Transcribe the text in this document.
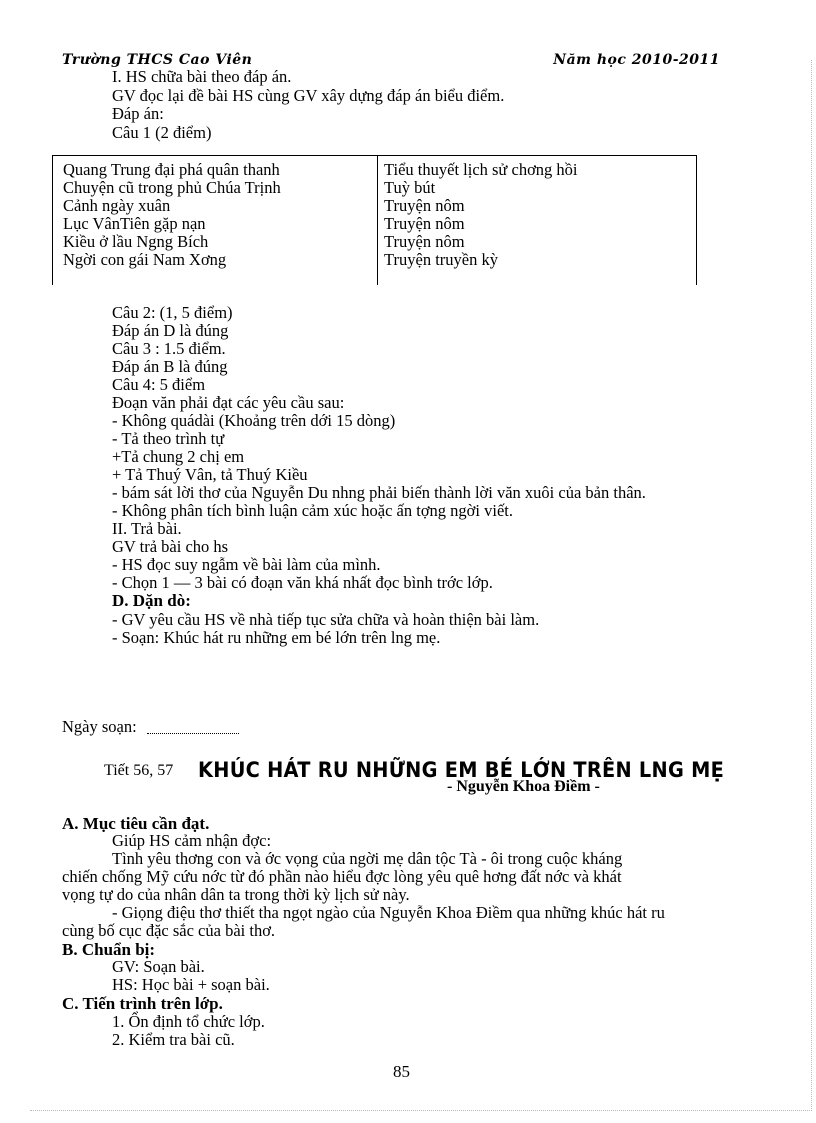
Trường THCS Cao Viên	Năm học 2010-2011
I. HS chữa bài theo đáp án.
GV đọc lại đề bài HS cùng GV xây dựng đáp án biểu điểm.
Đáp án:
Câu 1 (2 điểm)
Quang Trung đại phá quân thanh	Tiểu thuyết lịch sử chơng hồi
Chuyện cũ trong phủ Chúa Trịnh	Tuỳ bút
Cảnh ngày xuân	Truyện nôm
Lục VânTiên gặp nạn	Truyện nôm
Kiều ở lầu Ngng Bích	Truyện nôm
Ngời con gái Nam Xơng	Truyện truyền kỳ
Câu 2: (1, 5 điểm)
Đáp án D là đúng
Câu 3 : 1.5 điểm.
Đáp án B là đúng
Câu 4: 5 điểm
Đoạn văn phải đạt các yêu cầu sau:
- Không quádài (Khoảng trên dới 15 dòng)
- Tả theo trình tự
+Tả chung 2 chị em
+ Tả Thuý Vân, tả Thuý Kiều
- bám sát lời thơ của Nguyễn Du nhng phải biến thành lời văn xuôi của bản thân.
- Không phân tích bình luận cảm xúc hoặc ấn tợng ngời viết.
II. Trả bài.
GV trả bài cho hs
- HS đọc suy ngẫm về bài làm của mình.
- Chọn 1 — 3 bài có đoạn văn khá nhất đọc bình trớc lớp.
D. Dặn dò:
- GV yêu cầu HS về nhà tiếp tục sửa chữa và hoàn thiện bài làm.
- Soạn: Khúc hát ru những em bé lớn trên lng mẹ.
Ngày soạn:
Tiết 56, 57 KHÚC HÁT RU NHỮNG EM BÉ LỚN TRÊN LNG MẸ
- Nguyễn Khoa Điềm -
A. Mục tiêu cần đạt.
Giúp HS cảm nhận đợc:
Tình yêu thơng con và ớc vọng của ngời mẹ dân tộc Tà - ôi trong cuộc kháng
chiến chống Mỹ cứu nớc từ đó phần nào hiểu đợc lòng yêu quê hơng đất nớc và khát
vọng tự do của nhân dân ta trong thời kỳ lịch sử này.
- Giọng điệu thơ thiết tha ngọt ngào của Nguyễn Khoa Điềm qua những khúc hát ru
cùng bố cục đặc sắc của bài thơ.
B. Chuẩn bị:
GV: Soạn bài.
HS: Học bài + soạn bài.
C. Tiến trình trên lớp.
1. Ổn định tổ chức lớp.
2. Kiểm tra bài cũ.
85
